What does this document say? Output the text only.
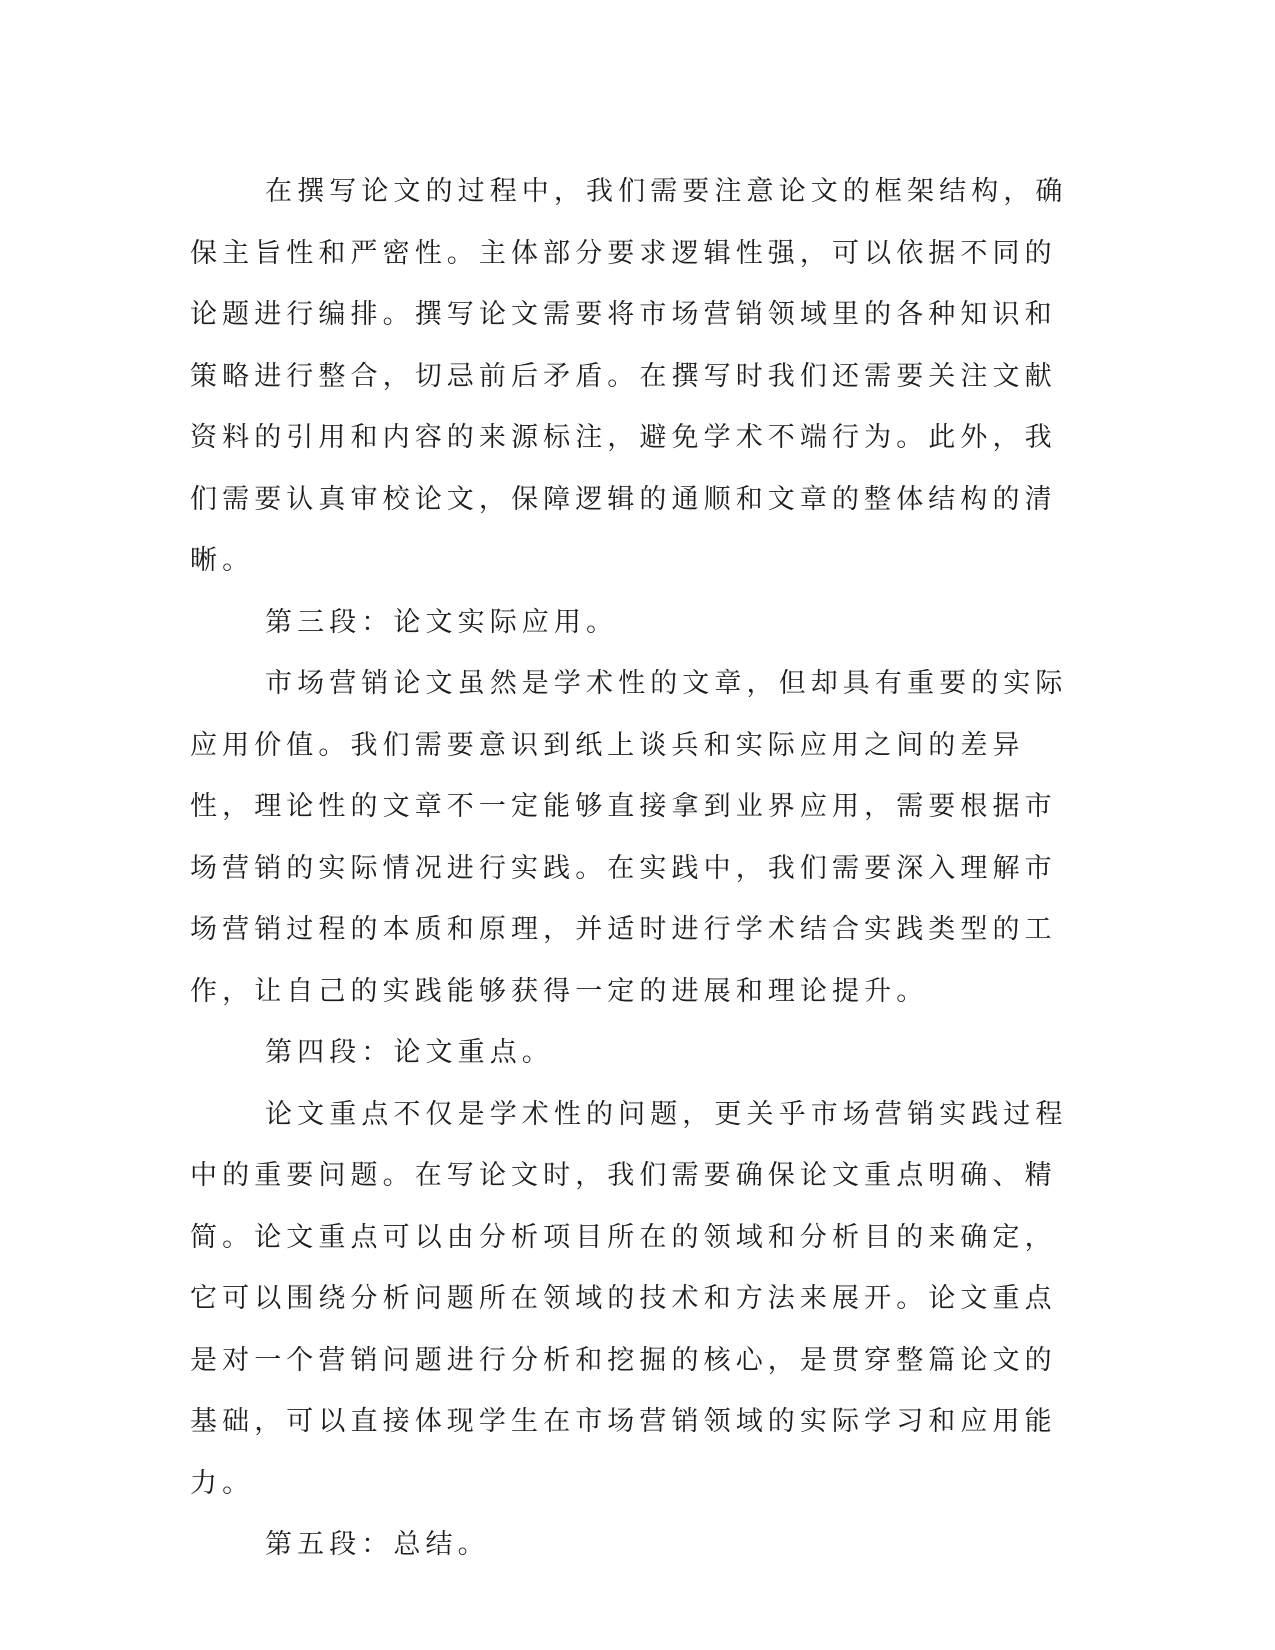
在撰写论文的过程中，我们需要注意论文的框架结构，确保主旨性和严密性。主体部分要求逻辑性强，可以依据不同的论题进行编排。撰写论文需要将市场营销领域里的各种知识和策略进行整合，切忌前后矛盾。在撰写时我们还需要关注文献资料的引用和内容的来源标注，避免学术不端行为。此外，我们需要认真审校论文，保障逻辑的通顺和文章的整体结构的清晰。

第三段：论文实际应用。

市场营销论文虽然是学术性的文章，但却具有重要的实际应用价值。我们需要意识到纸上谈兵和实际应用之间的差异性，理论性的文章不一定能够直接拿到业界应用，需要根据市场营销的实际情况进行实践。在实践中，我们需要深入理解市场营销过程的本质和原理，并适时进行学术结合实践类型的工作，让自己的实践能够获得一定的进展和理论提升。

第四段：论文重点。

论文重点不仅是学术性的问题，更关乎市场营销实践过程中的重要问题。在写论文时，我们需要确保论文重点明确、精简。论文重点可以由分析项目所在的领域和分析目的来确定，它可以围绕分析问题所在领域的技术和方法来展开。论文重点是对一个营销问题进行分析和挖掘的核心，是贯穿整篇论文的基础，可以直接体现学生在市场营销领域的实际学习和应用能力。

第五段：总结。
